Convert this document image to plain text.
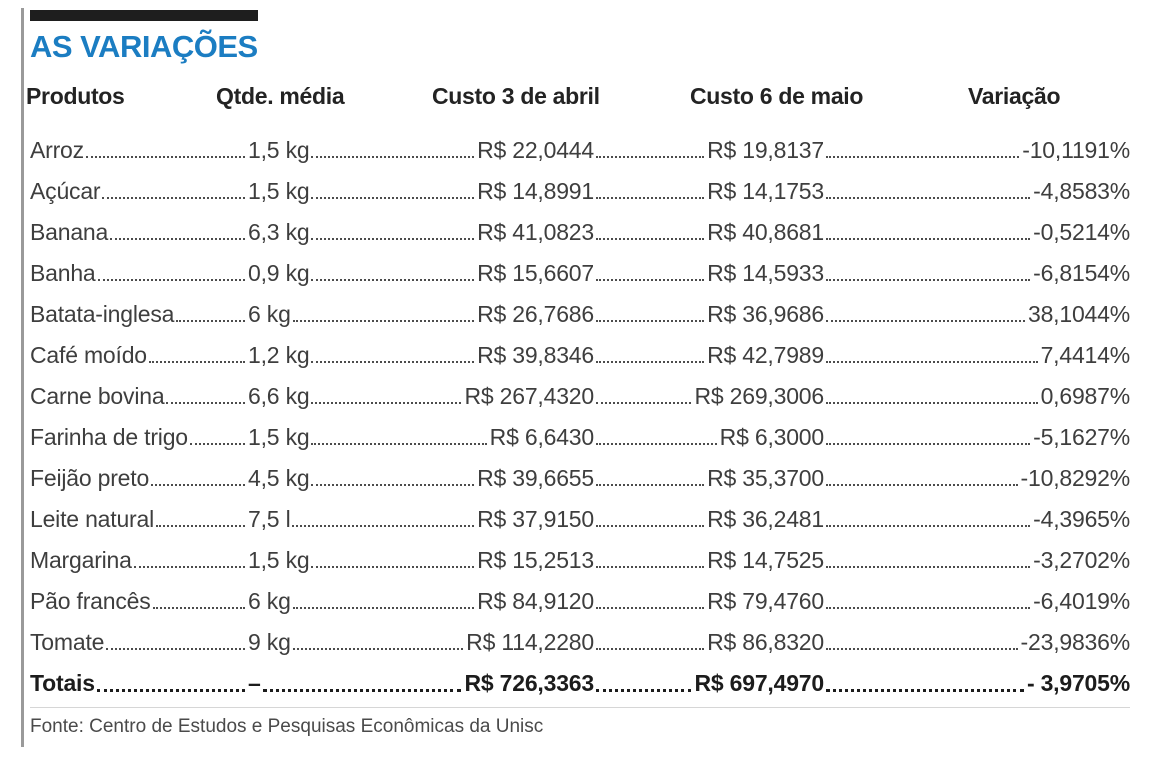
AS VARIAÇÕES
Produtos	Qtde. média	Custo 3 de abril	Custo 6 de maio	Variação
Arroz	1,5 kg	R$ 22,0444	R$ 19,8137	-10,1191%
Açúcar	1,5 kg	R$ 14,8991	R$ 14,1753	-4,8583%
Banana	6,3 kg	R$ 41,0823	R$ 40,8681	-0,5214%
Banha	0,9 kg	R$ 15,6607	R$ 14,5933	-6,8154%
Batata-inglesa	6 kg	R$ 26,7686	R$ 36,9686	38,1044%
Café moído	1,2 kg	R$ 39,8346	R$ 42,7989	7,4414%
Carne bovina	6,6 kg	R$ 267,4320	R$ 269,3006	0,6987%
Farinha de trigo	1,5 kg	R$ 6,6430	R$ 6,3000	-5,1627%
Feijão preto	4,5 kg	R$ 39,6655	R$ 35,3700	-10,8292%
Leite natural	7,5 l	R$ 37,9150	R$ 36,2481	-4,3965%
Margarina	1,5 kg	R$ 15,2513	R$ 14,7525	-3,2702%
Pão francês	6 kg	R$ 84,9120	R$ 79,4760	-6,4019%
Tomate	9 kg	R$ 114,2280	R$ 86,8320	-23,9836%
Totais	–	R$ 726,3363	R$ 697,4970	- 3,9705%
Fonte: Centro de Estudos e Pesquisas Econômicas da Unisc
